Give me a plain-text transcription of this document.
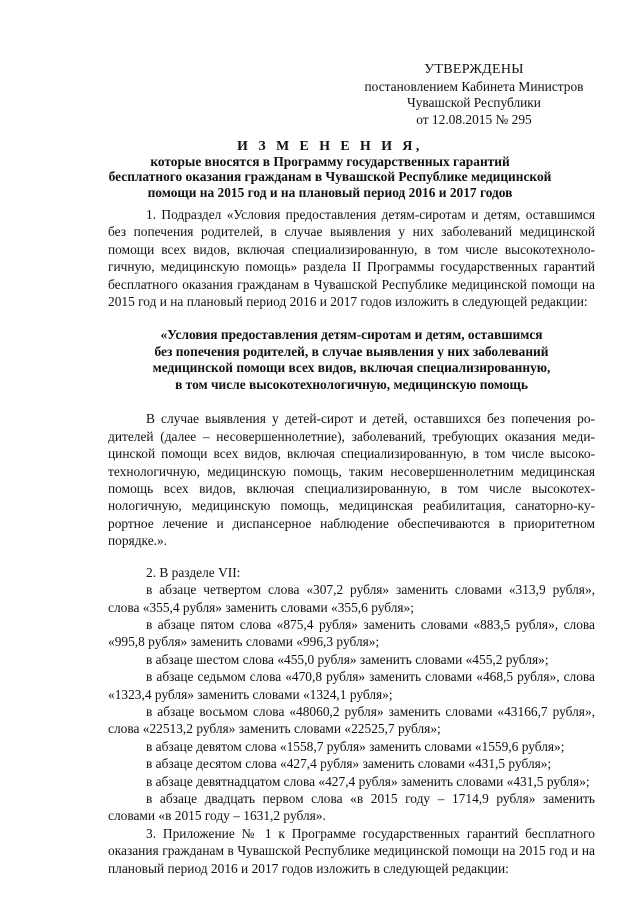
УТВЕРЖДЕНЫ
постановлением Кабинета Министров
Чувашской Республики
от 12.08.2015 № 295
И З М Е Н Е Н И Я,
которые вносятся в Программу государственных гарантий
бесплатного оказания гражданам в Чувашской Республике медицинской
помощи на 2015 год и на плановый период 2016 и 2017 годов

1. Подраздел «Условия предоставления детям-сиротам и детям, оставшимся без попечения родителей, в случае выявления у них заболеваний медицинской помощи всех видов, включая специализированную, в том числе высокотехнологичную, медицинскую помощь» раздела II Программы государственных гарантий бесплатного оказания гражданам в Чувашской Республике медицинской помощи на 2015 год и на плановый период 2016 и 2017 годов изложить в следующей редакции:

«Условия предоставления детям-сиротам и детям, оставшимся
без попечения родителей, в случае выявления у них заболеваний
медицинской помощи всех видов, включая специализированную,
в том числе высокотехнологичную, медицинскую помощь

В случае выявления у детей-сирот и детей, оставшихся без попечения родителей (далее – несовершеннолетние), заболеваний, требующих оказания медицинской помощи всех видов, включая специализированную, в том числе высокотехнологичную, медицинскую помощь, таким несовершеннолетним медицинская помощь всех видов, включая специализированную, в том числе высокотехнологичную, медицинскую помощь, медицинская реабилитация, санаторно-курортное лечение и диспансерное наблюдение обеспечиваются в приоритетном порядке.».

2. В разделе VII:

в абзаце четвертом слова «307,2 рубля» заменить словами «313,9 рубля», слова «355,4 рубля» заменить словами «355,6 рубля»;

в абзаце пятом слова «875,4 рубля» заменить словами «883,5 рубля», слова «995,8 рубля» заменить словами «996,3 рубля»;

в абзаце шестом слова «455,0 рубля» заменить словами «455,2 рубля»;

в абзаце седьмом слова «470,8 рубля» заменить словами «468,5 рубля», слова «1323,4 рубля» заменить словами «1324,1 рубля»;

в абзаце восьмом слова «48060,2 рубля» заменить словами «43166,7 рубля», слова «22513,2 рубля» заменить словами «22525,7 рубля»;

в абзаце девятом слова «1558,7 рубля» заменить словами «1559,6 рубля»;

в абзаце десятом слова «427,4 рубля» заменить словами «431,5 рубля»;

в абзаце девятнадцатом слова «427,4 рубля» заменить словами «431,5 рубля»;

в абзаце двадцать первом слова «в 2015 году – 1714,9 рубля» заменить словами «в 2015 году – 1631,2 рубля».

3. Приложение № 1 к Программе государственных гарантий бесплатного оказания гражданам в Чувашской Республике медицинской помощи на 2015 год и на плановый период 2016 и 2017 годов изложить в следующей редакции:
